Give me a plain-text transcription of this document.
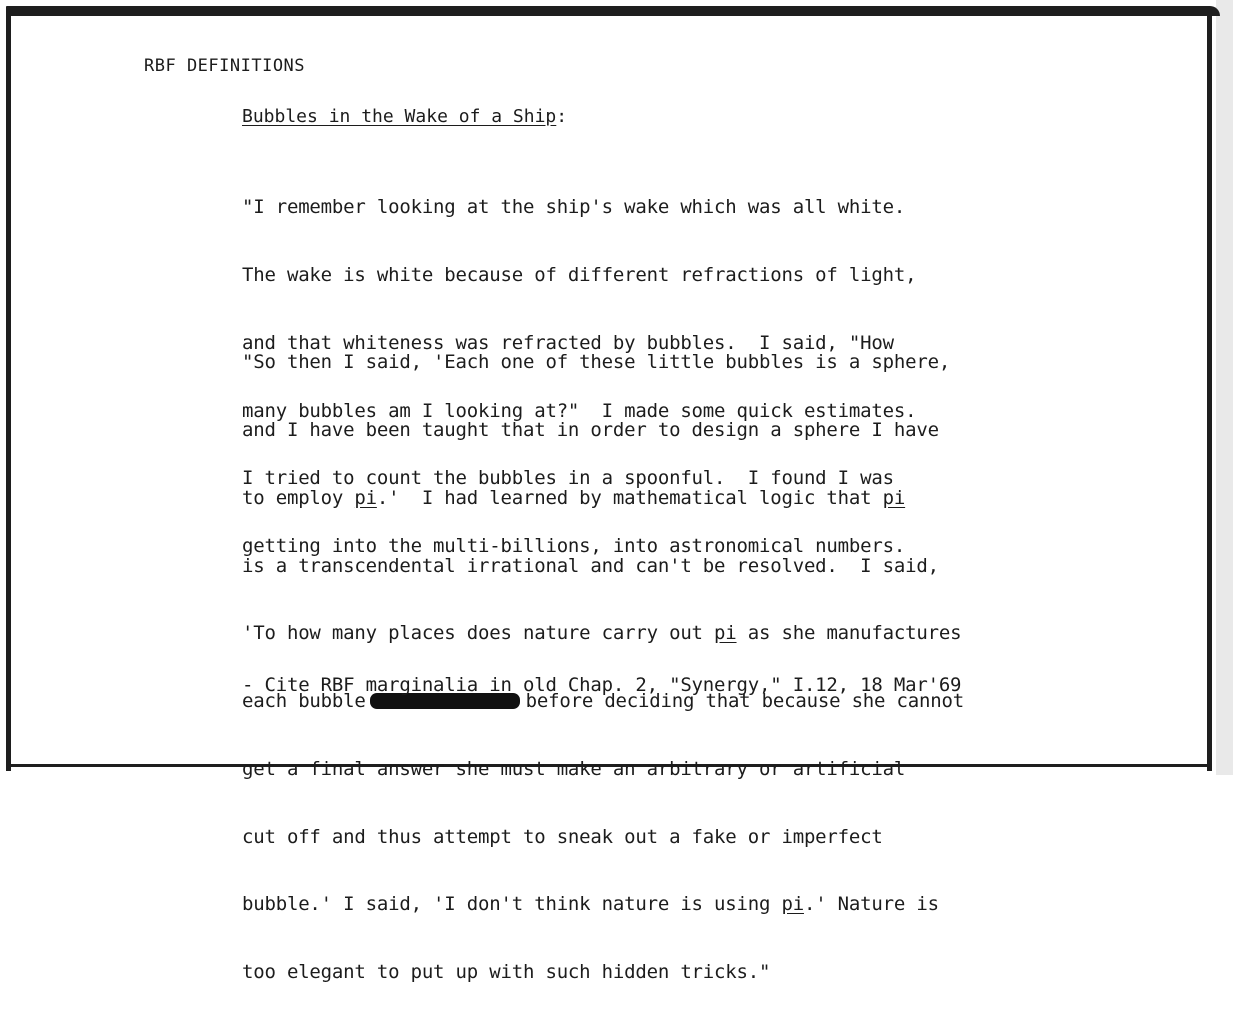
RBF DEFINITIONS
Bubbles in the Wake of a Ship:

"I remember looking at the ship's wake which was all white.

The wake is white because of different refractions of light,

and that whiteness was refracted by bubbles.  I said, "How

many bubbles am I looking at?"  I made some quick estimates.

I tried to count the bubbles in a spoonful.  I found I was

getting into the multi-billions, into astronomical numbers.

"So then I said, 'Each one of these little bubbles is a sphere,

and I have been taught that in order to design a sphere I have

to employ pi.'  I had learned by mathematical logic that pi

is a transcendental irrational and can't be resolved.  I said,

'To how many places does nature carry out pi as she manufactures

each bubble	before deciding that because she cannot

get a final answer she must make an arbitrary or artificial

cut off and thus attempt to sneak out a fake or imperfect

bubble.' I said, 'I don't think nature is using pi.' Nature is

too elegant to put up with such hidden tricks."

- Cite RBF marginalia in old Chap. 2, "Synergy," I.12, 18 Mar'69
